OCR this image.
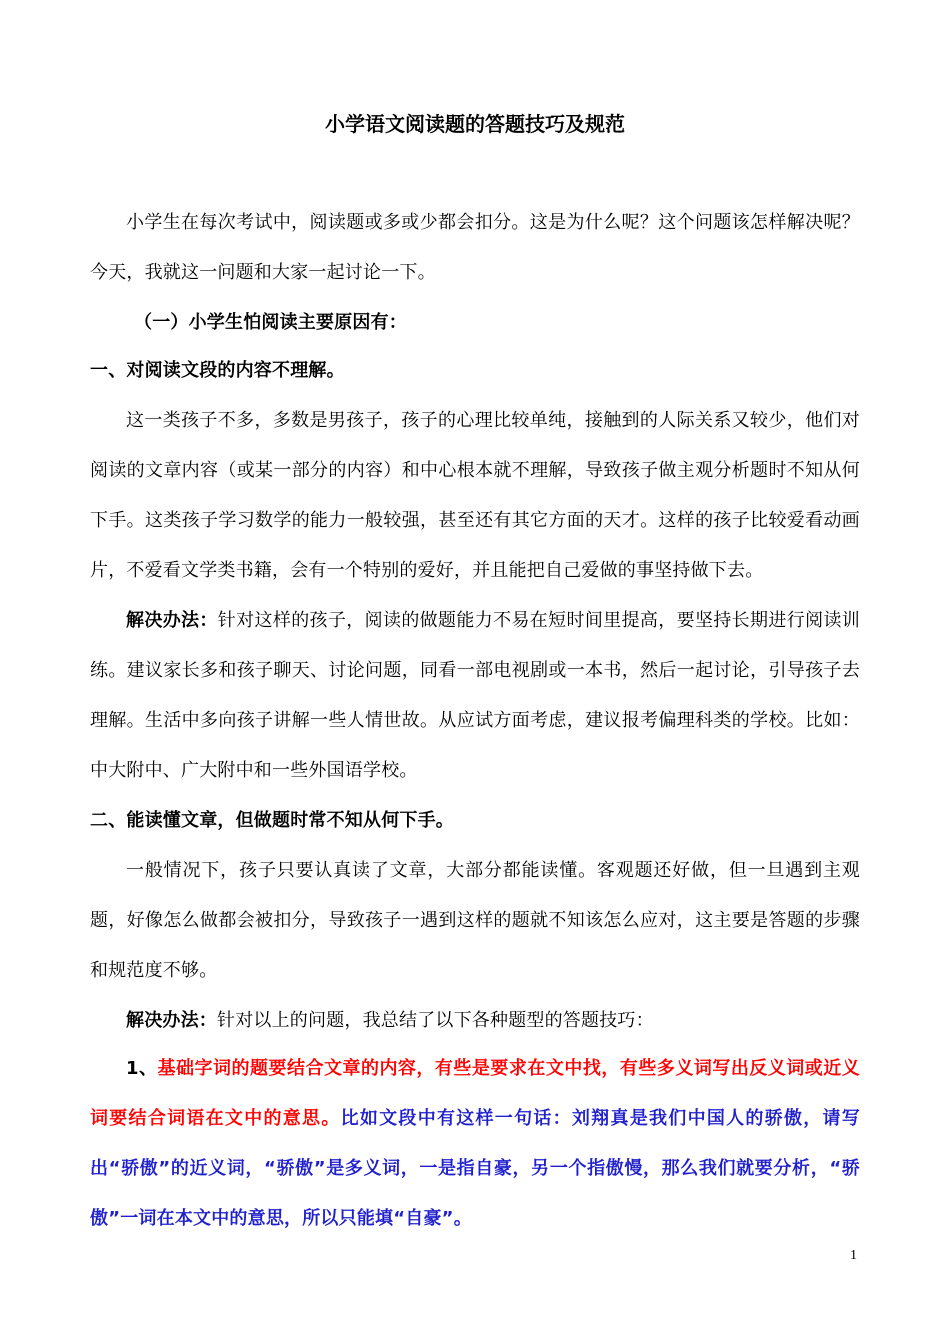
小学语文阅读题的答题技巧及规范
小学生在每次考试中，阅读题或多或少都会扣分。这是为什么呢？这个问题该怎样解决呢？今天，我就这一问题和大家一起讨论一下。
（一）小学生怕阅读主要原因有：
一、对阅读文段的内容不理解。
这一类孩子不多，多数是男孩子，孩子的心理比较单纯，接触到的人际关系又较少，他们对阅读的文章内容（或某一部分的内容）和中心根本就不理解，导致孩子做主观分析题时不知从何下手。这类孩子学习数学的能力一般较强，甚至还有其它方面的天才。这样的孩子比较爱看动画片，不爱看文学类书籍，会有一个特别的爱好，并且能把自己爱做的事坚持做下去。
解决办法：针对这样的孩子，阅读的做题能力不易在短时间里提高，要坚持长期进行阅读训练。建议家长多和孩子聊天、讨论问题，同看一部电视剧或一本书，然后一起讨论，引导孩子去理解。生活中多向孩子讲解一些人情世故。从应试方面考虑，建议报考偏理科类的学校。比如：中大附中、广大附中和一些外国语学校。
二、能读懂文章，但做题时常不知从何下手。
一般情况下，孩子只要认真读了文章，大部分都能读懂。客观题还好做，但一旦遇到主观题，好像怎么做都会被扣分，导致孩子一遇到这样的题就不知该怎么应对，这主要是答题的步骤和规范度不够。
解决办法：针对以上的问题，我总结了以下各种题型的答题技巧：
1、基础字词的题要结合文章的内容，有些是要求在文中找，有些多义词写出反义词或近义词要结合词语在文中的意思。比如文段中有这样一句话：刘翔真是我们中国人的骄傲，请写出“骄傲”的近义词，“骄傲”是多义词，一是指自豪，另一个指傲慢，那么我们就要分析，“骄傲”一词在本文中的意思，所以只能填“自豪”。
1
